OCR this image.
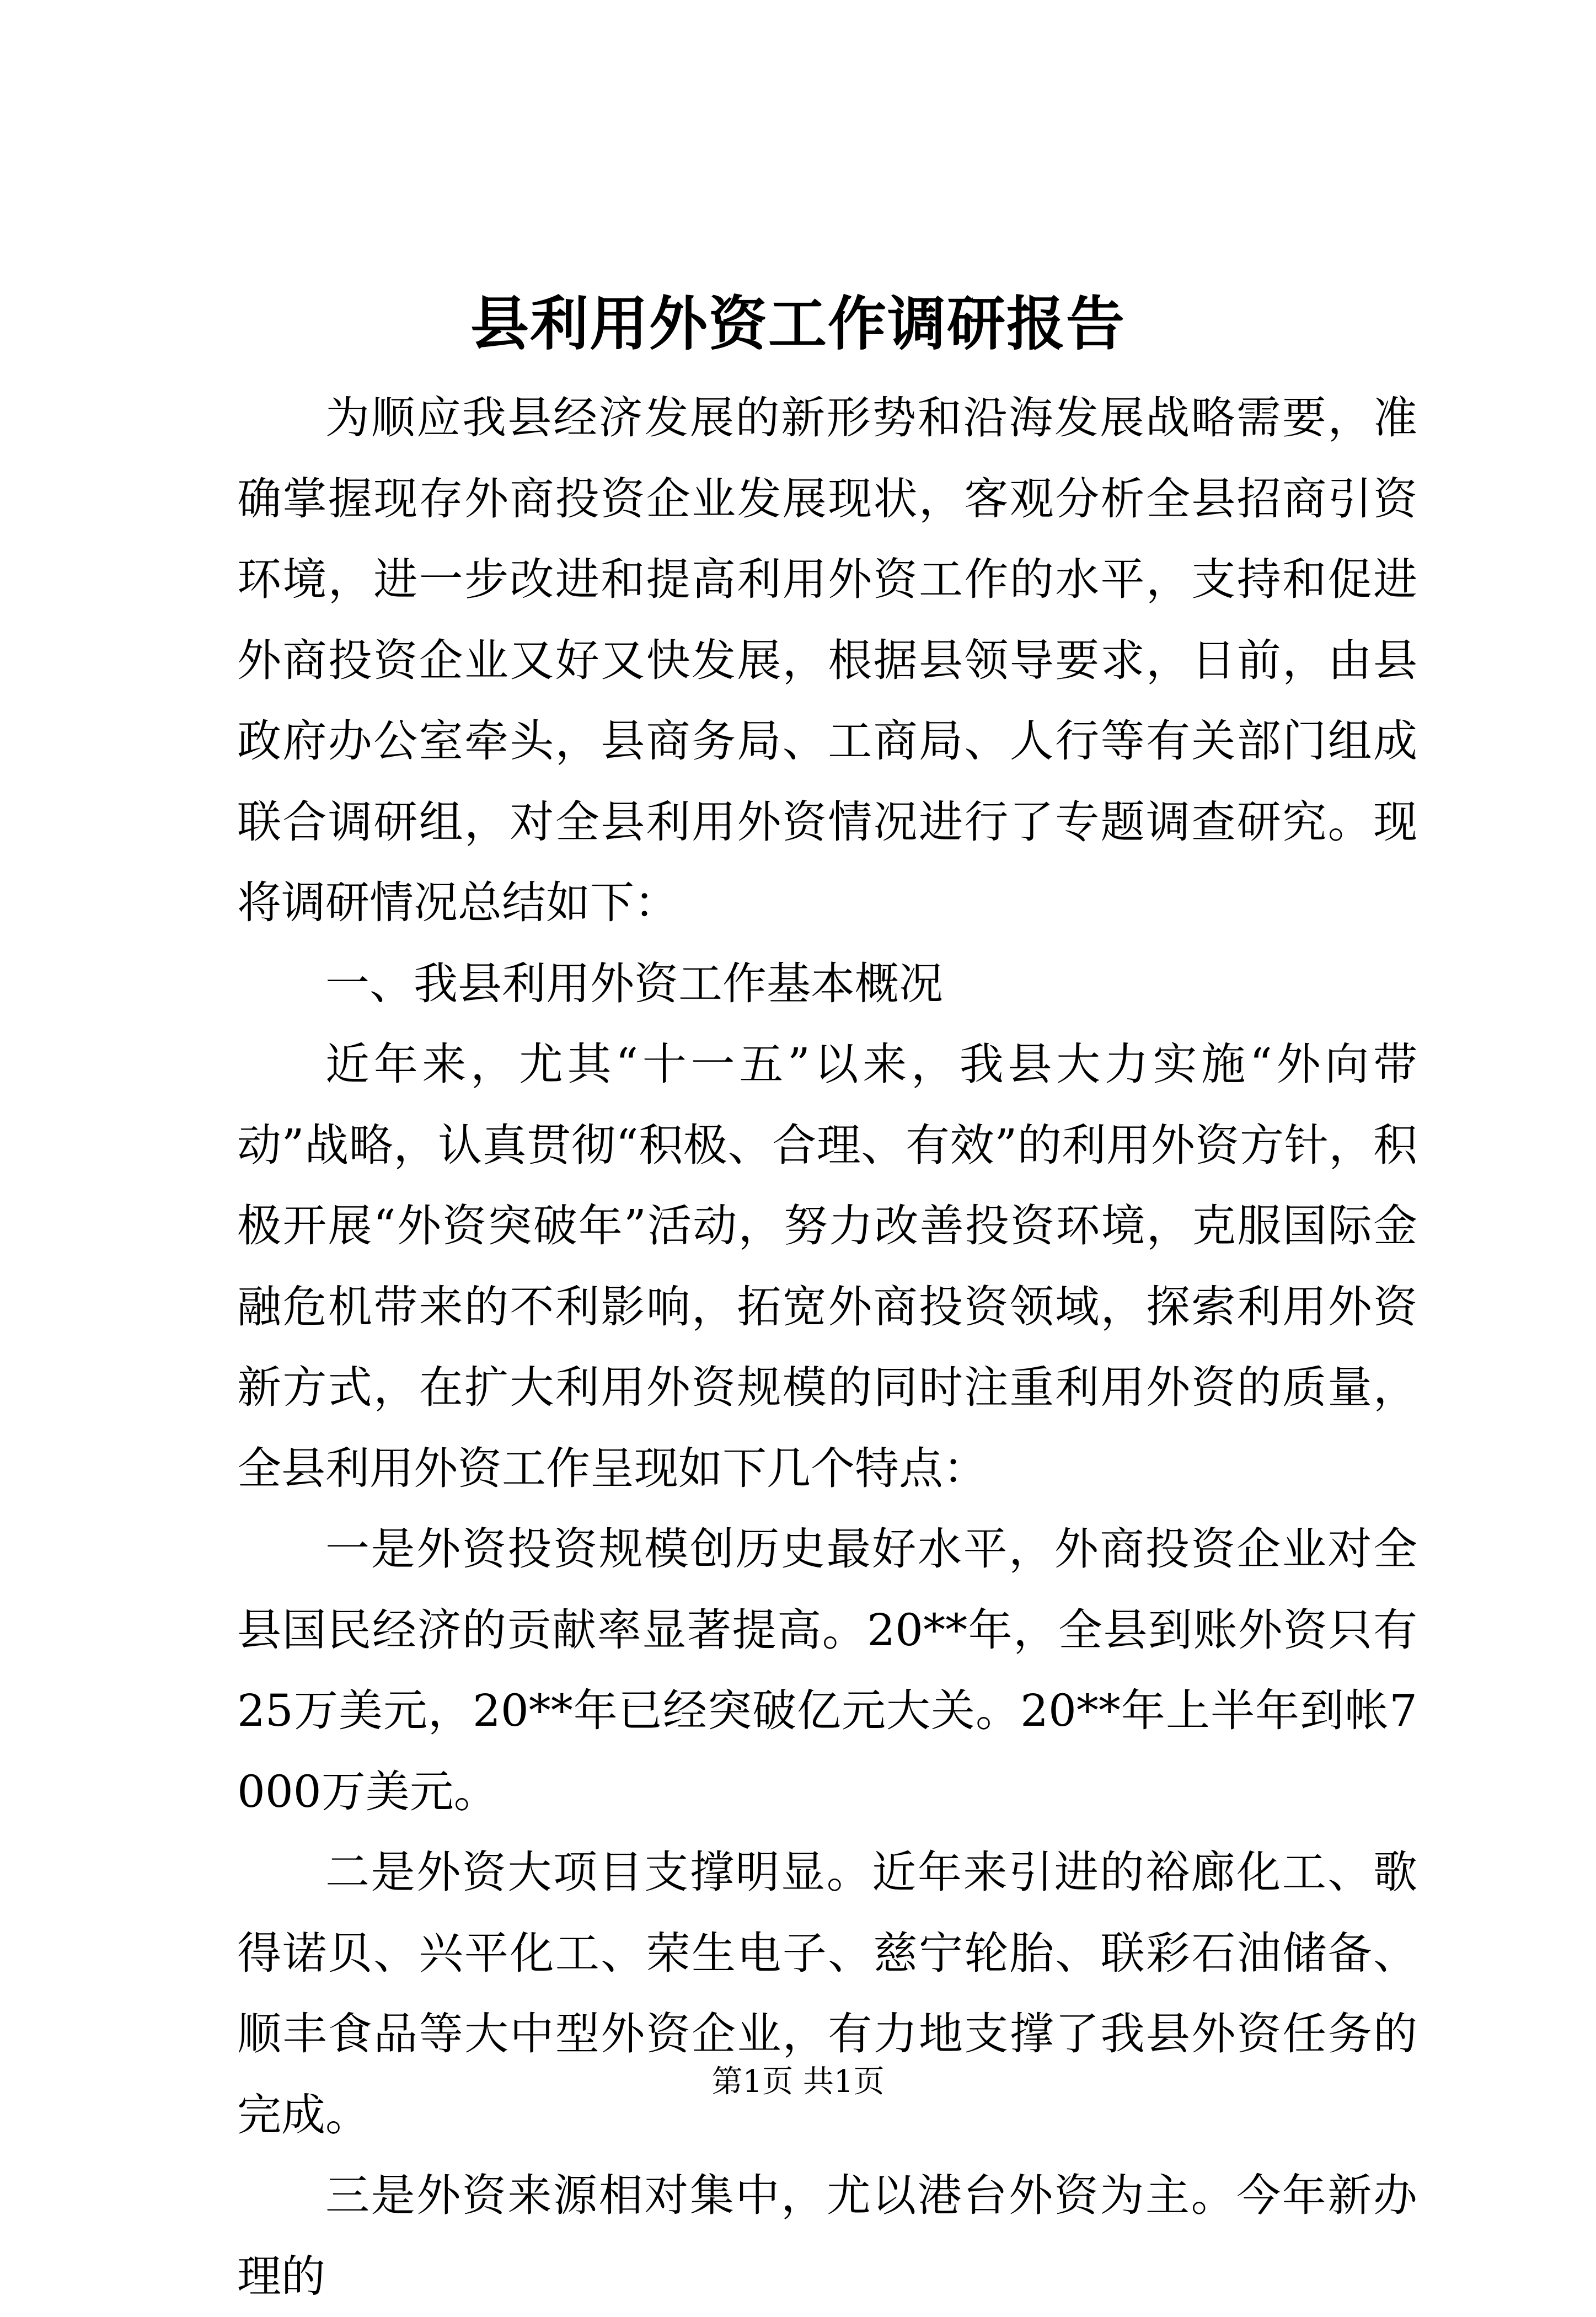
县利用外资工作调研报告

为顺应我县经济发展的新形势和沿海发展战略需要，准确掌握现存外商投资企业发展现状，客观分析全县招商引资环境，进一步改进和提高利用外资工作的水平，支持和促进外商投资企业又好又快发展，根据县领导要求，日前，由县政府办公室牵头，县商务局、工商局、人行等有关部门组成联合调研组，对全县利用外资情况进行了专题调查研究。现将调研情况总结如下：

一、我县利用外资工作基本概况

近年来，尤其“十一五”以来，我县大力实施“外向带动”战略，认真贯彻“积极、合理、有效”的利用外资方针，积极开展“外资突破年”活动，努力改善投资环境，克服国际金融危机带来的不利影响，拓宽外商投资领域，探索利用外资新方式，在扩大利用外资规模的同时注重利用外资的质量，全县利用外资工作呈现如下几个特点：

一是外资投资规模创历史最好水平，外商投资企业对全县国民经济的贡献率显著提高。20**年，全县到账外资只有25万美元，20**年已经突破亿元大关。20**年上半年到帐7000万美元。

二是外资大项目支撑明显。近年来引进的裕廊化工、歌得诺贝、兴平化工、荣生电子、慈宁轮胎、联彩石油储备、顺丰食品等大中型外资企业，有力地支撑了我县外资任务的完成。

三是外资来源相对集中，尤以港台外资为主。今年新办理的

第1页 共1页
